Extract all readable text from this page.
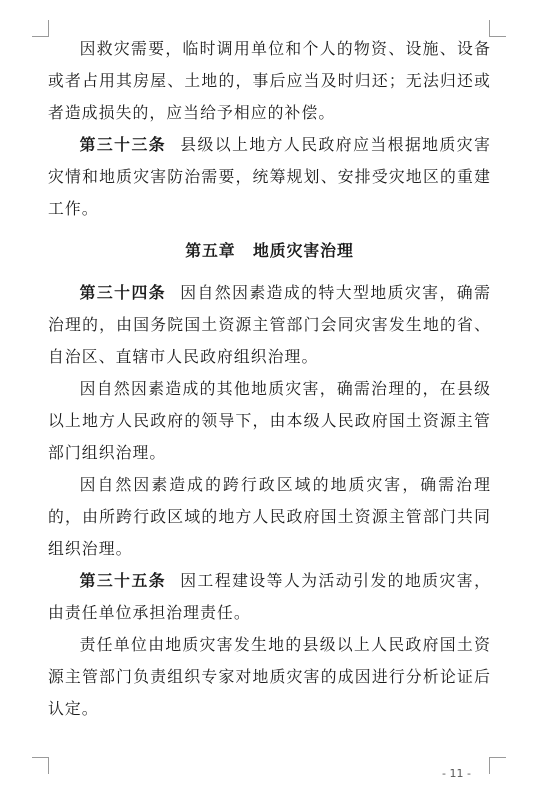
因救灾需要，临时调用单位和个人的物资、设施、设备或者占用其房屋、土地的，事后应当及时归还；无法归还或者造成损失的，应当给予相应的补偿。

第三十三条 县级以上地方人民政府应当根据地质灾害灾情和地质灾害防治需要，统筹规划、安排受灾地区的重建工作。

第五章 地质灾害治理

第三十四条 因自然因素造成的特大型地质灾害，确需治理的，由国务院国土资源主管部门会同灾害发生地的省、自治区、直辖市人民政府组织治理。

因自然因素造成的其他地质灾害，确需治理的，在县级以上地方人民政府的领导下，由本级人民政府国土资源主管部门组织治理。

因自然因素造成的跨行政区域的地质灾害，确需治理的，由所跨行政区域的地方人民政府国土资源主管部门共同组织治理。

第三十五条 因工程建设等人为活动引发的地质灾害，由责任单位承担治理责任。

责任单位由地质灾害发生地的县级以上人民政府国土资源主管部门负责组织专家对地质灾害的成因进行分析论证后认定。

- 11 -
